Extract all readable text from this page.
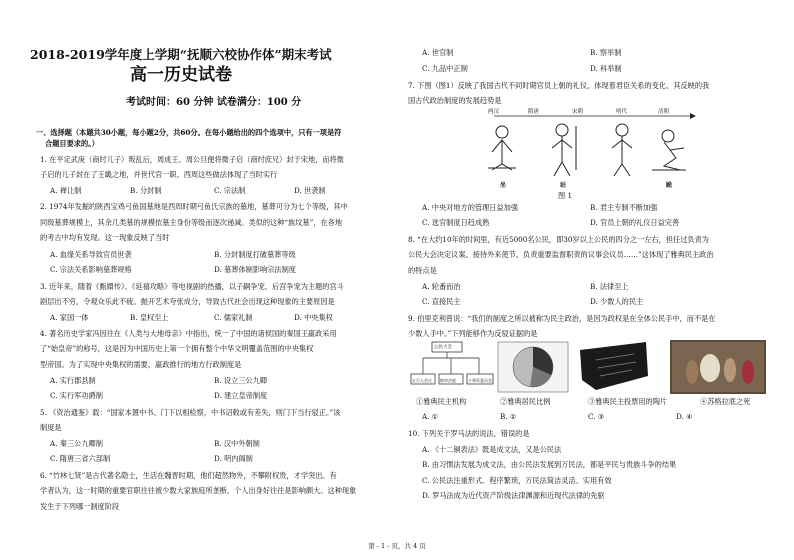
2018-2019学年度上学期“抚顺六校协作体”期末考试
高一历史试卷
考试时间：60 分钟 试卷满分：100 分
一、选择题（本题共30小题，每小题2分，共60分。在每小题给出的四个选项中，只有一项是符
合题目要求的。）
1. 在平定武庚（商纣儿子）叛乱后，周成王、周公旦便将微子启（商纣庶兄）封于宋地，而将微
子启的儿子封在了王畿之地，并世代官一职。西周这些做法体现了当时实行
A. 禅让制	B. 分封制	C. 宗法制	D. 世袭制
2. 1974年发掘的陕西宝鸡弓鱼国墓地是西周时期弓鱼氏宗族的墓地，墓葬可分为七个等级，其中
同级墓葬规模上，其余几类墓的规模依墓主身份等级而逐次递减。类似的这种“族坟墓”，在各地
的考古中均有发现。这一现象反映了当时
A. 血缘关系导致官员世袭	B. 分封制度打破墓葬等级
C. 宗法关系影响墓葬规格	D. 墓葬体制影响宗法制度
3. 近年来，随着《甄嬛传》、《延禧攻略》等电视剧的热播，以子嗣争宠、后宫争宠为主题的宫斗
剧层出不穷，令观众乐此不疲。抛开艺术夸张成分，导致古代社会出现这种现象的主要原因是
A. 家国一体	B. 皇权至上	C. 儒家礼制	D. 中央集权
4. 著名历史学家冯因往在《人类与大地母亲》中指出，统一了中国的诸侯国的秦国王嬴政采用
了“始皇帝”的称号，这是因为中国历史上第一个拥有整个中华文明覆盖范围的中央集权
型帝国。为了实现中央集权的需要，嬴政推行的地方行政制度是
A. 实行郡县制	B. 设立三公九卿
C. 实行军功爵制	D. 建立皇帝制度
5. 《资治通鉴》载：“国家本置中书、门下以相检察，中书诏敕或有差失，则门下当行驳正。”该
制度是
A. 秦三公九卿制	B. 汉中外朝制
C. 隋唐三省六部制	D. 明内阁制
6. “竹林七贤”是古代著名隐士，生活在魏晋时期，他们超然物外，不攀附权贵，才学突出。有
学者认为，这一时期的重要官职往往被少数大家族庭所垄断，个人出身好往往是影响颇大。这种现象
发生于下列哪一制度阶段
A. 世官制	B. 察举制
C. 九品中正制	D. 科举制
7. 下图（图1）反映了我国古代不同时期官员上朝的礼仪，体现着君臣关系的变化，其反映的我
国古代政治制度的发展趋势是
两汉	隋唐	宋朝	明代	清朝
坐	站	跪
图 1
A. 中央对地方的管理日益加强	B. 君主专制不断加强
C. 选官制度日趋成熟	D. 官员上朝的礼仪日益完善
8. “在大约10年的时间里，有近5000名公民，即30岁以上公民的四分之一左右，担任过负责为
公民大会决定议案、接待外来使节、负责重要监督职责的议事会议员……”这体现了雅典民主政治
的特点是
A. 轮番而治	B. 法律至上
C. 直接民主	D. 少数人的民主
9. 伯里克利曾说：“我们的制度之所以被称为民主政治，是因为政权是在全体公民手中，而不是在
少数人手中。”下列能够作为反驳证据的是
公民大会
五百人会议 陪审法庭	十将军委员会
①雅典民主机构	②雅典居民比例	③雅典民主投票用的陶片	④苏格拉底之死
A. ①	B. ②	C. ③	D. ④
10. 下列关于罗马法的说法，错误的是
A. 《十二铜表法》既是成文法，又是公民法
B. 由习惯法发展为成文法，由公民法发展到万民法，都是平民与贵族斗争的结果
C. 公民法注重形式、程序繁琐，万民法简洁灵活、实用有效
D. 罗马法成为近代资产阶级法律渊源和近现代法律的先驱
第 - 1 - 页，共 4 页
